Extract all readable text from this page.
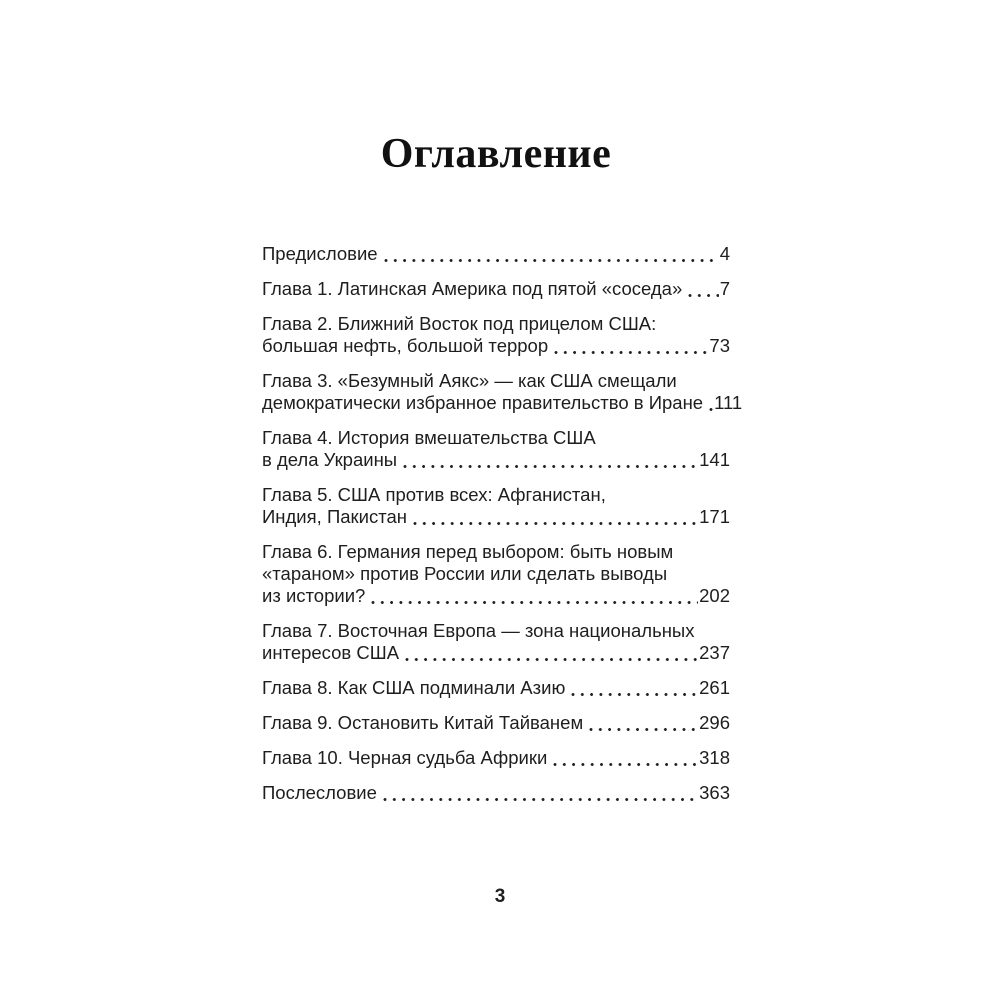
Оглавление
Предисловие	4
Глава 1. Латинская Америка под пятой «соседа» 7
Глава 2. Ближний Восток под прицелом США:
большая нефть, большой террор	73
Глава 3. «Безумный Аякс» — как США смещали
демократически избранное правительство в Иране 111
Глава 4. История вмешательства США
в дела Украины	141
Глава 5. США против всех: Афганистан,
Индия, Пакистан	171
Глава 6. Германия перед выбором: быть новым
«тараном» против России или сделать выводы
из истории?	202
Глава 7. Восточная Европа — зона национальных
интересов США	237
Глава 8. Как США подминали Азию	261
Глава 9. Остановить Китай Тайванем	296
Глава 10. Черная судьба Африки	318
Послесловие	363
3
